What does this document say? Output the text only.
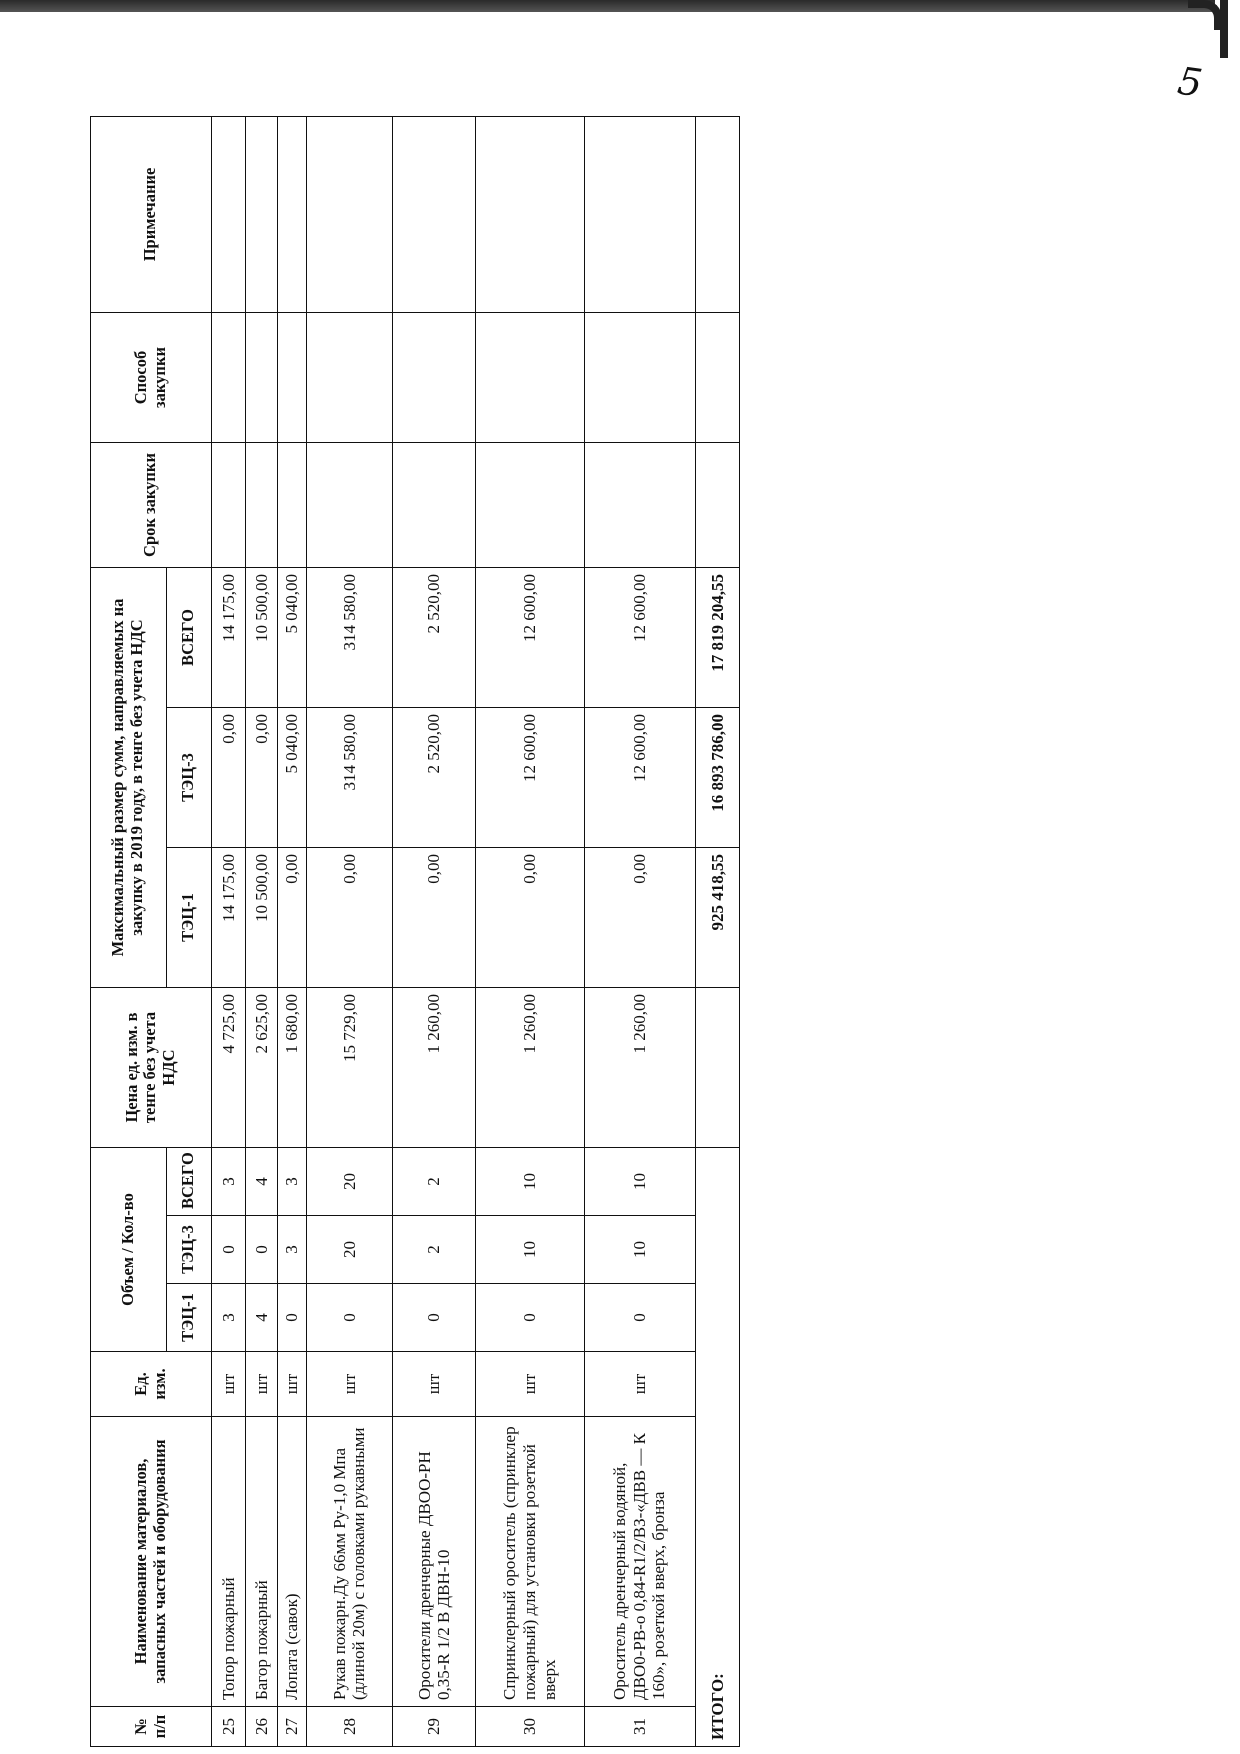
5
№ п/п	Наименование материалов, запасных частей и оборудования	Ед. изм.	Объем / Кол-во			Цена ед. изм. в тенге без учета НДС	Максимальный размер сумм, направляемых на закупку в 2019 году, в тенге без учета НДС			Срок закупки	Способ закупки	Примечание
			ТЭЦ-1	ТЭЦ-3	ВСЕГО		ТЭЦ-1	ТЭЦ-3	ВСЕГО			
25	Топор пожарный	шт	3	0	3	4 725,00	14 175,00	0,00	14 175,00			
26	Багор пожарный	шт	4	0	4	2 625,00	10 500,00	0,00	10 500,00			
27	Лопата (савок)	шт	0	3	3	1 680,00	0,00	5 040,00	5 040,00			
28	Рукав пожарн.Ду 66мм Ру-1,0 Мпа (длиной 20м) с головками рукавными	шт	0	20	20	15 729,00	0,00	314 580,00	314 580,00			
29	Оросители дренчерные ДВОО-РН 0,35-R 1/2 В ДВН-10	шт	0	2	2	1 260,00	0,00	2 520,00	2 520,00			
30	Спринклерный ороситель (спринклер пожарный) для установки розеткой вверх	шт	0	10	10	1 260,00	0,00	12 600,00	12 600,00			
31	Ороситель дренчерный водяной, ДВО0-РВ-о 0,84-R1/2/ВЗ-«ДВВ — К 160», розеткой вверх, бронза	шт	0	10	10	1 260,00	0,00	12 600,00	12 600,00			
ИТОГО:							925 418,55	16 893 786,00	17 819 204,55			
